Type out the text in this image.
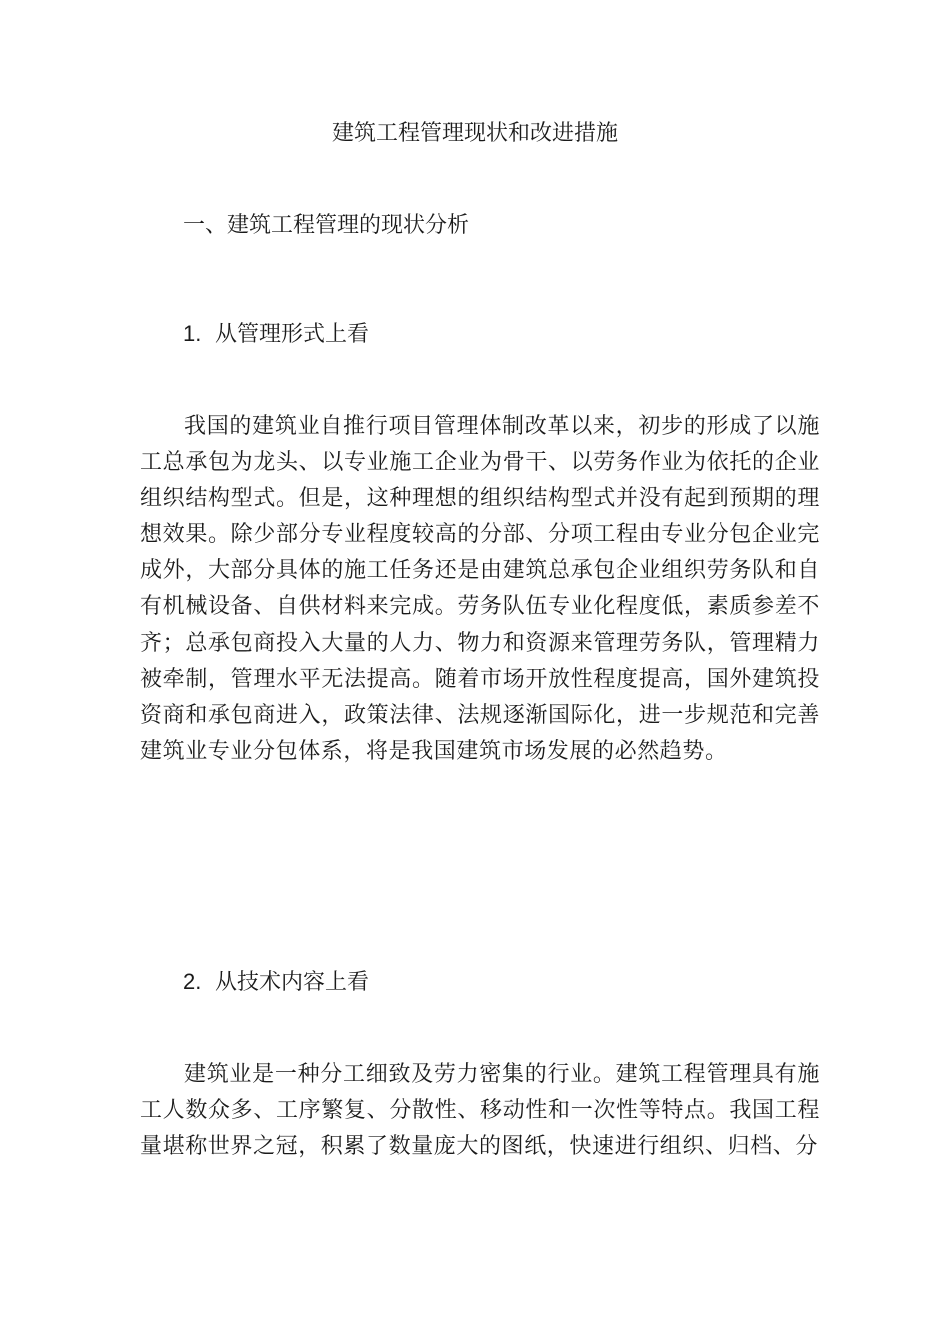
建筑工程管理现状和改进措施
一、建筑工程管理的现状分析
1. 从管理形式上看
我国的建筑业自推行项目管理体制改革以来，初步的形成了以施工总承包为龙头、以专业施工企业为骨干、以劳务作业为依托的企业组织结构型式。但是，这种理想的组织结构型式并没有起到预期的理想效果。除少部分专业程度较高的分部、分项工程由专业分包企业完成外，大部分具体的施工任务还是由建筑总承包企业组织劳务队和自有机械设备、自供材料来完成。劳务队伍专业化程度低，素质参差不齐；总承包商投入大量的人力、物力和资源来管理劳务队，管理精力被牵制，管理水平无法提高。随着市场开放性程度提高，国外建筑投资商和承包商进入，政策法律、法规逐渐国际化，进一步规范和完善建筑业专业分包体系，将是我国建筑市场发展的必然趋势。
2. 从技术内容上看
建筑业是一种分工细致及劳力密集的行业。建筑工程管理具有施工人数众多、工序繁复、分散性、移动性和一次性等特点。我国工程量堪称世界之冠，积累了数量庞大的图纸，快速进行组织、归档、分
